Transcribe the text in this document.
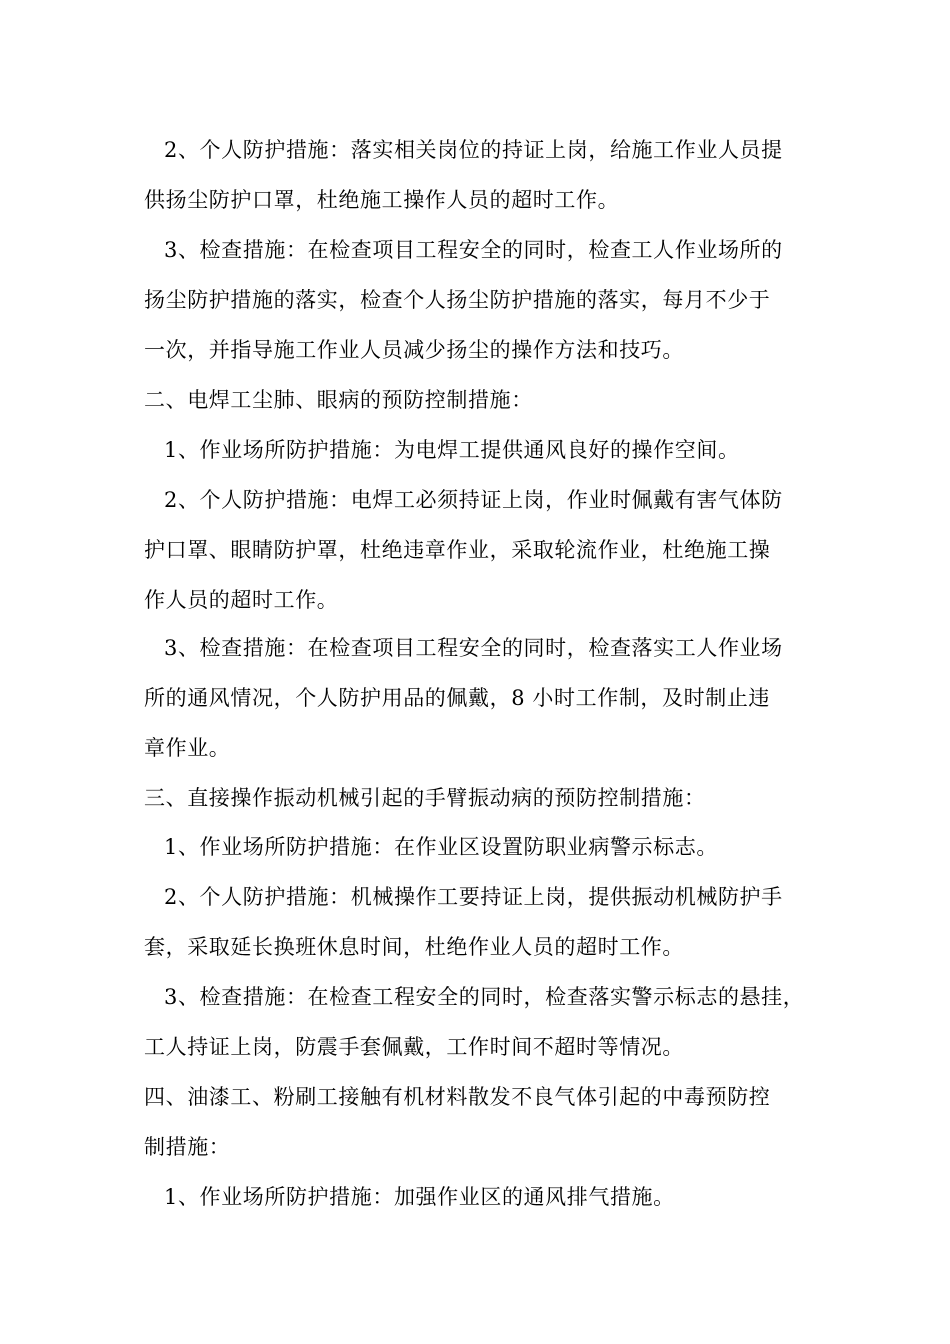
2、个人防护措施：落实相关岗位的持证上岗，给施工作业人员提
供扬尘防护口罩，杜绝施工操作人员的超时工作。
3、检查措施：在检查项目工程安全的同时，检查工人作业场所的
扬尘防护措施的落实，检查个人扬尘防护措施的落实，每月不少于
一次，并指导施工作业人员减少扬尘的操作方法和技巧。
二、电焊工尘肺、眼病的预防控制措施：
1、作业场所防护措施：为电焊工提供通风良好的操作空间。
2、个人防护措施：电焊工必须持证上岗，作业时佩戴有害气体防
护口罩、眼睛防护罩，杜绝违章作业，采取轮流作业，杜绝施工操
作人员的超时工作。
3、检查措施：在检查项目工程安全的同时，检查落实工人作业场
所的通风情况，个人防护用品的佩戴，8 小时工作制，及时制止违
章作业。
三、直接操作振动机械引起的手臂振动病的预防控制措施：
1、作业场所防护措施：在作业区设置防职业病警示标志。
2、个人防护措施：机械操作工要持证上岗，提供振动机械防护手
套，采取延长换班休息时间，杜绝作业人员的超时工作。
3、检查措施：在检查工程安全的同时，检查落实警示标志的悬挂，
工人持证上岗，防震手套佩戴，工作时间不超时等情况。
四、油漆工、粉刷工接触有机材料散发不良气体引起的中毒预防控
制措施：
1、作业场所防护措施：加强作业区的通风排气措施。
